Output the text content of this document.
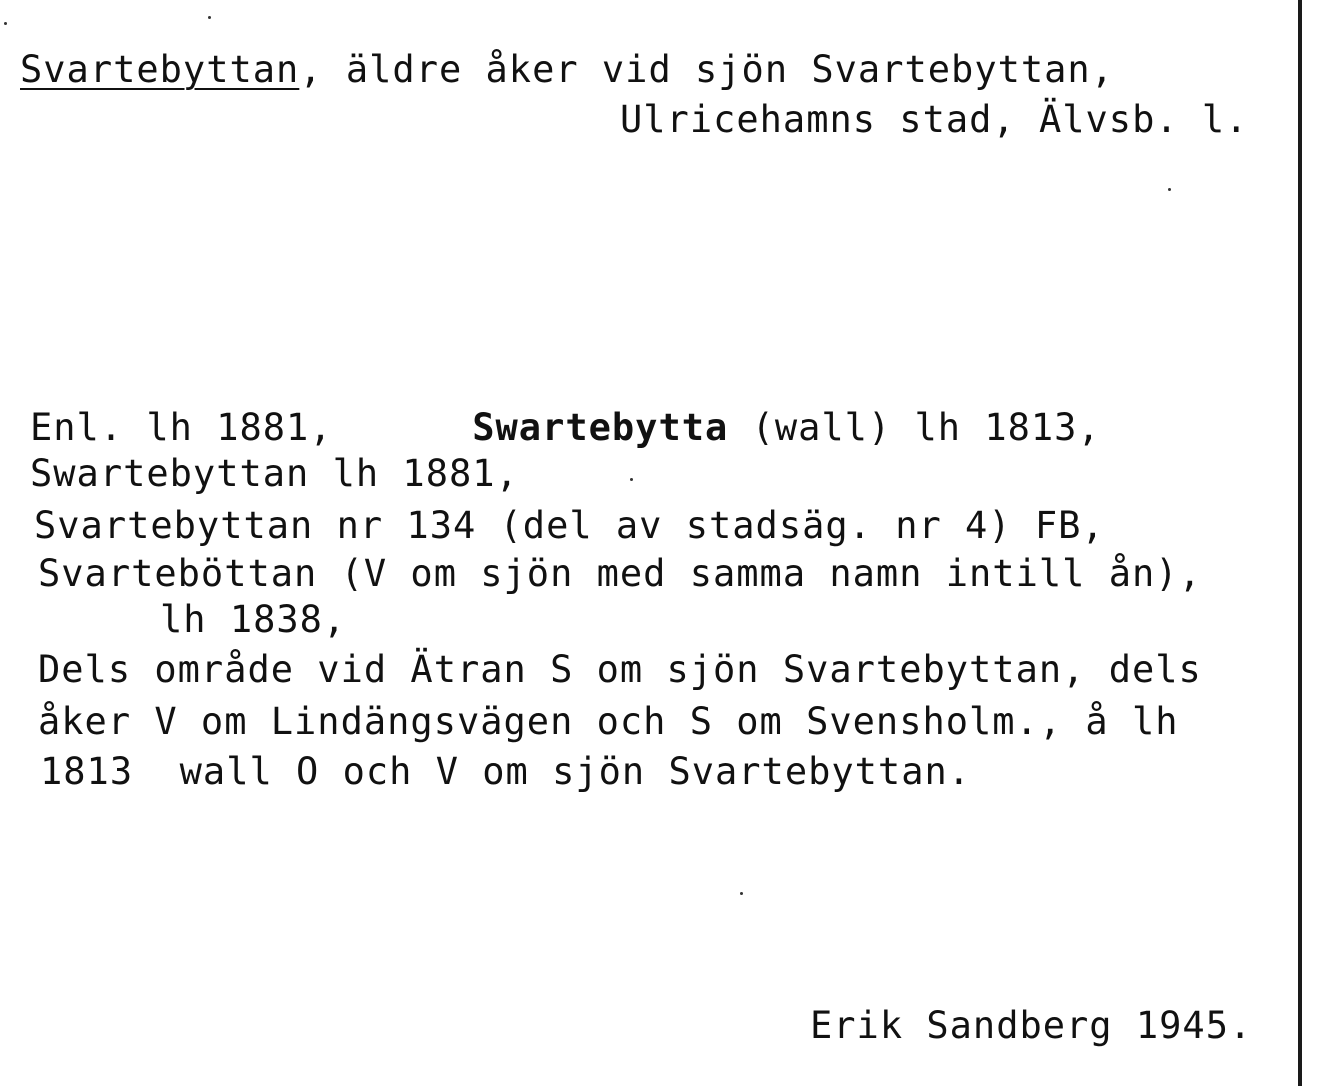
Svartebyttan, äldre åker vid sjön Svartebyttan,
Ulricehamns stad, Älvsb. l.
Enl. lh 1881,	Swartebytta (wall) lh 1813,
Swartebyttan lh 1881,
Svartebyttan nr 134 (del av stadsäg. nr 4) FB,
Svarteböttan (V om sjön med samma namn intill ån),
lh 1838,
Dels område vid Ätran S om sjön Svartebyttan, dels
åker V om Lindängsvägen och S om Svensholm., å lh
1813  wall O och V om sjön Svartebyttan.
Erik Sandberg 1945.
